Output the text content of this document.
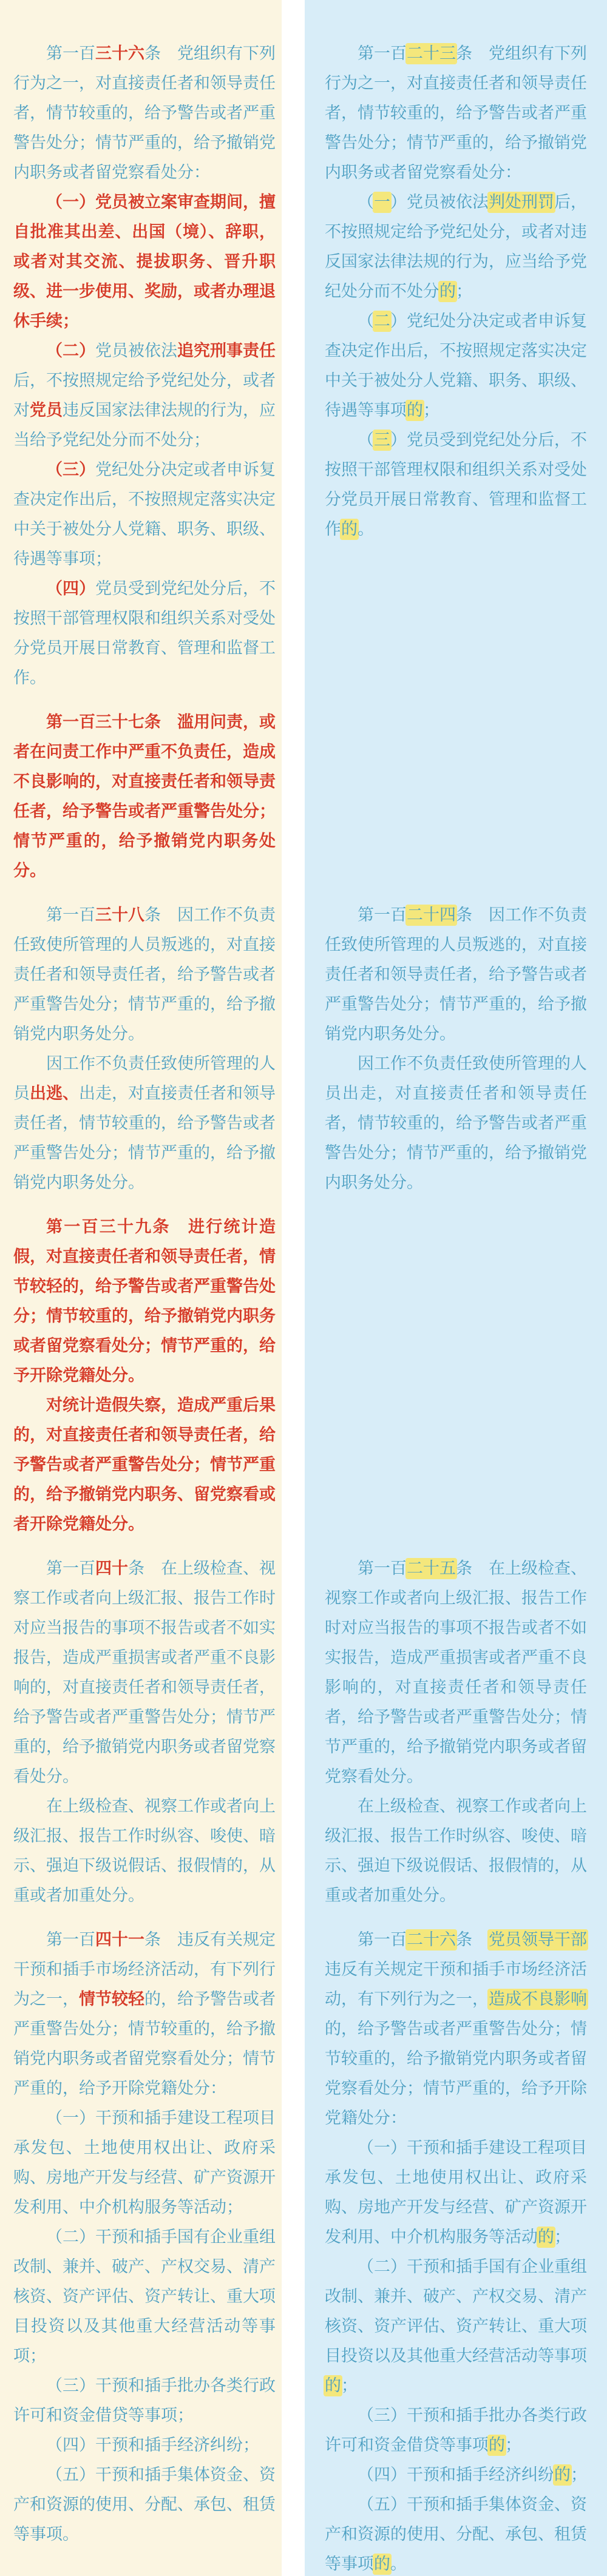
第一百三十六条　党组织有下列行为之一，对直接责任者和领导责任者，情节较重的，给予警告或者严重警告处分；情节严重的，给予撤销党内职务或者留党察看处分：

（一）党员被立案审查期间，擅自批准其出差、出国（境）、辞职，或者对其交流、提拔职务、晋升职级、进一步使用、奖励，或者办理退休手续；

（二）党员被依法追究刑事责任后，不按照规定给予党纪处分，或者对党员违反国家法律法规的行为，应当给予党纪处分而不处分；

（三）党纪处分决定或者申诉复查决定作出后，不按照规定落实决定中关于被处分人党籍、职务、职级、待遇等事项；

（四）党员受到党纪处分后，不按照干部管理权限和组织关系对受处分党员开展日常教育、管理和监督工作。

第一百三十七条　滥用问责，或者在问责工作中严重不负责任，造成不良影响的，对直接责任者和领导责任者，给予警告或者严重警告处分；情节严重的，给予撤销党内职务处分。

第一百三十八条　因工作不负责任致使所管理的人员叛逃的，对直接责任者和领导责任者，给予警告或者严重警告处分；情节严重的，给予撤销党内职务处分。

因工作不负责任致使所管理的人员出逃、出走，对直接责任者和领导责任者，情节较重的，给予警告或者严重警告处分；情节严重的，给予撤销党内职务处分。

第一百三十九条　进行统计造假，对直接责任者和领导责任者，情节较轻的，给予警告或者严重警告处分；情节较重的，给予撤销党内职务或者留党察看处分；情节严重的，给予开除党籍处分。

对统计造假失察，造成严重后果的，对直接责任者和领导责任者，给予警告或者严重警告处分；情节严重的，给予撤销党内职务、留党察看或者开除党籍处分。

第一百四十条　在上级检查、视察工作或者向上级汇报、报告工作时对应当报告的事项不报告或者不如实报告，造成严重损害或者严重不良影响的，对直接责任者和领导责任者，给予警告或者严重警告处分；情节严重的，给予撤销党内职务或者留党察看处分。

在上级检查、视察工作或者向上级汇报、报告工作时纵容、唆使、暗示、强迫下级说假话、报假情的，从重或者加重处分。

第一百四十一条　违反有关规定干预和插手市场经济活动，有下列行为之一，情节较轻的，给予警告或者严重警告处分；情节较重的，给予撤销党内职务或者留党察看处分；情节严重的，给予开除党籍处分：

（一）干预和插手建设工程项目承发包、土地使用权出让、政府采购、房地产开发与经营、矿产资源开发利用、中介机构服务等活动；

（二）干预和插手国有企业重组改制、兼并、破产、产权交易、清产核资、资产评估、资产转让、重大项目投资以及其他重大经营活动等事项；

（三）干预和插手批办各类行政许可和资金借贷等事项；

（四）干预和插手经济纠纷；

（五）干预和插手集体资金、资产和资源的使用、分配、承包、租赁等事项。

第一百二十三条　党组织有下列行为之一，对直接责任者和领导责任者，情节较重的，给予警告或者严重警告处分；情节严重的，给予撤销党内职务或者留党察看处分：

（一）党员被依法判处刑罚后，不按照规定给予党纪处分，或者对违反国家法律法规的行为，应当给予党纪处分而不处分的；

（二）党纪处分决定或者申诉复查决定作出后，不按照规定落实决定中关于被处分人党籍、职务、职级、待遇等事项的；

（三）党员受到党纪处分后，不按照干部管理权限和组织关系对受处分党员开展日常教育、管理和监督工作的。

第一百二十四条　因工作不负责任致使所管理的人员叛逃的，对直接责任者和领导责任者，给予警告或者严重警告处分；情节严重的，给予撤销党内职务处分。

因工作不负责任致使所管理的人员出走，对直接责任者和领导责任者，情节较重的，给予警告或者严重警告处分；情节严重的，给予撤销党内职务处分。

第一百二十五条　在上级检查、视察工作或者向上级汇报、报告工作时对应当报告的事项不报告或者不如实报告，造成严重损害或者严重不良影响的，对直接责任者和领导责任者，给予警告或者严重警告处分；情节严重的，给予撤销党内职务或者留党察看处分。

在上级检查、视察工作或者向上级汇报、报告工作时纵容、唆使、暗示、强迫下级说假话、报假情的，从重或者加重处分。

第一百二十六条　党员领导干部违反有关规定干预和插手市场经济活动，有下列行为之一，造成不良影响的，给予警告或者严重警告处分；情节较重的，给予撤销党内职务或者留党察看处分；情节严重的，给予开除党籍处分：

（一）干预和插手建设工程项目承发包、土地使用权出让、政府采购、房地产开发与经营、矿产资源开发利用、中介机构服务等活动的；

（二）干预和插手国有企业重组改制、兼并、破产、产权交易、清产核资、资产评估、资产转让、重大项目投资以及其他重大经营活动等事项的；

（三）干预和插手批办各类行政许可和资金借贷等事项的；

（四）干预和插手经济纠纷的；

（五）干预和插手集体资金、资产和资源的使用、分配、承包、租赁等事项的。
